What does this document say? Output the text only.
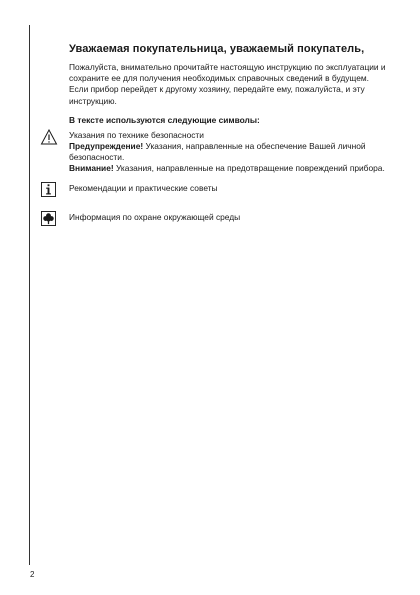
Уважаемая покупательница, уважаемый покупатель,

Пожалуйста, внимательно прочитайте настоящую инструкцию по эксплуатации и сохраните ее для получения необходимых справочных сведений в будущем.

Если прибор перейдет к другому хозяину, передайте ему, пожалуйста, и эту инструкцию.

В тексте используются следующие символы:
Указания по технике безопасности
Предупреждение! Указания, направленные на обеспечение Вашей личной безопасности.
Внимание! Указания, направленные на предотвращение повреждений прибора.
Рекомендации и практические советы
Информация по охране окружающей среды
2
